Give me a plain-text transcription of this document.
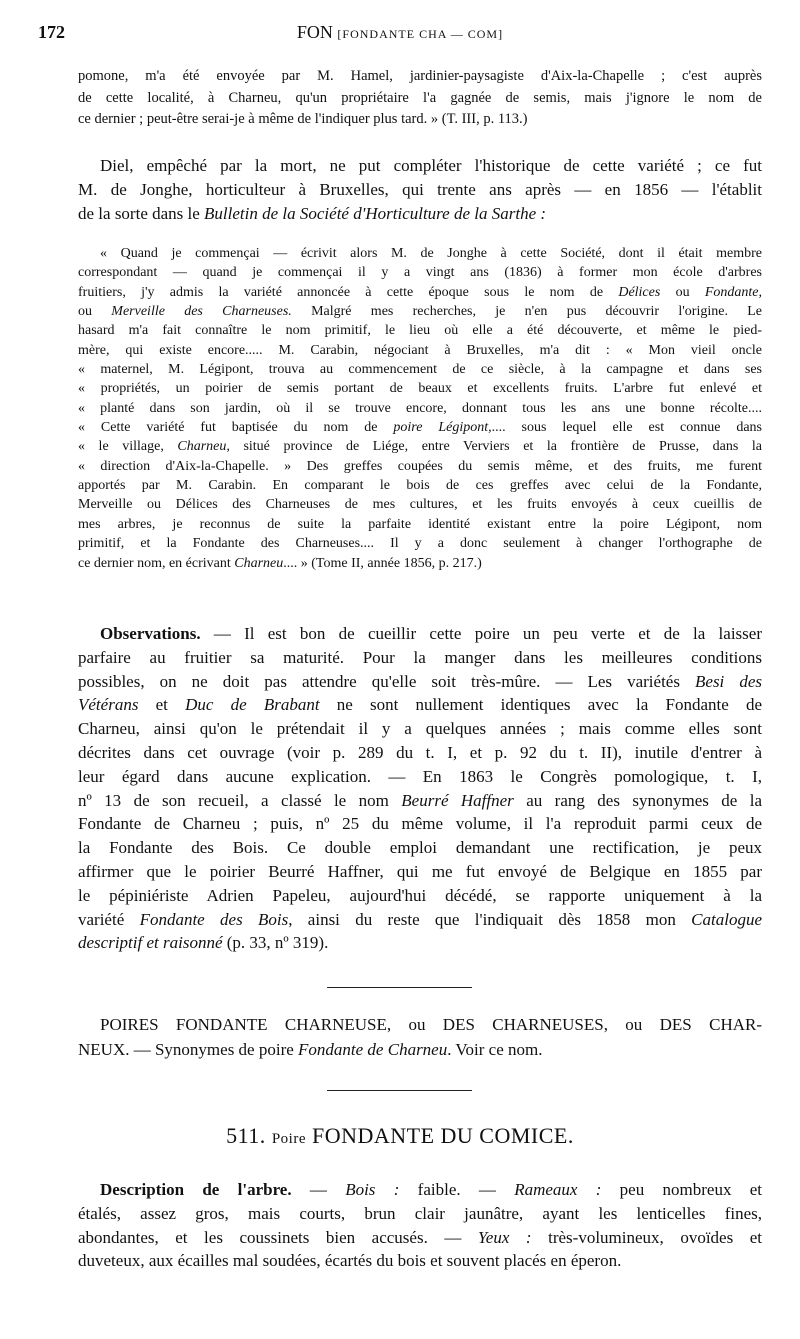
172	FON [FONDANTE CHA — COM]
pomone, m'a été envoyée par M. Hamel, jardinier-paysagiste d'Aix-la-Chapelle ; c'est auprès
de cette localité, à Charneu, qu'un propriétaire l'a gagnée de semis, mais j'ignore le nom de
ce dernier ; peut-être serai-je à même de l'indiquer plus tard. » (T. III, p. 113.)
Diel, empêché par la mort, ne put compléter l'historique de cette variété ; ce fut
M. de Jonghe, horticulteur à Bruxelles, qui trente ans après — en 1856 — l'établit
de la sorte dans le Bulletin de la Société d'Horticulture de la Sarthe :
« Quand je commençai — écrivit alors M. de Jonghe à cette Société, dont il était membre
correspondant — quand je commençai il y a vingt ans (1836) à former mon école d'arbres
fruitiers, j'y admis la variété annoncée à cette époque sous le nom de Délices ou Fondante,
ou Merveille des Charneuses. Malgré mes recherches, je n'en pus découvrir l'origine. Le
hasard m'a fait connaître le nom primitif, le lieu où elle a été découverte, et même le pied-
mère, qui existe encore..... M. Carabin, négociant à Bruxelles, m'a dit : « Mon vieil oncle
« maternel, M. Légipont, trouva au commencement de ce siècle, à la campagne et dans ses
« propriétés, un poirier de semis portant de beaux et excellents fruits. L'arbre fut enlevé et
« planté dans son jardin, où il se trouve encore, donnant tous les ans une bonne récolte....
« Cette variété fut baptisée du nom de poire Légipont,.... sous lequel elle est connue dans
« le village, Charneu, situé province de Liége, entre Verviers et la frontière de Prusse, dans la
« direction d'Aix-la-Chapelle. » Des greffes coupées du semis même, et des fruits, me furent
apportés par M. Carabin. En comparant le bois de ces greffes avec celui de la Fondante,
Merveille ou Délices des Charneuses de mes cultures, et les fruits envoyés à ceux cueillis de
mes arbres, je reconnus de suite la parfaite identité existant entre la poire Légipont, nom
primitif, et la Fondante des Charneuses.... Il y a donc seulement à changer l'orthographe de
ce dernier nom, en écrivant Charneu.... » (Tome II, année 1856, p. 217.)
Observations. — Il est bon de cueillir cette poire un peu verte et de la laisser
parfaire au fruitier sa maturité. Pour la manger dans les meilleures conditions
possibles, on ne doit pas attendre qu'elle soit très-mûre. — Les variétés Besi des
Vétérans et Duc de Brabant ne sont nullement identiques avec la Fondante de
Charneu, ainsi qu'on le prétendait il y a quelques années ; mais comme elles sont
décrites dans cet ouvrage (voir p. 289 du t. I, et p. 92 du t. II), inutile d'entrer à
leur égard dans aucune explication. — En 1863 le Congrès pomologique, t. I,
nº 13 de son recueil, a classé le nom Beurré Haffner au rang des synonymes de la
Fondante de Charneu ; puis, nº 25 du même volume, il l'a reproduit parmi ceux de
la Fondante des Bois. Ce double emploi demandant une rectification, je peux
affirmer que le poirier Beurré Haffner, qui me fut envoyé de Belgique en 1855 par
le pépiniériste Adrien Papeleu, aujourd'hui décédé, se rapporte uniquement à la
variété Fondante des Bois, ainsi du reste que l'indiquait dès 1858 mon Catalogue
descriptif et raisonné (p. 33, nº 319).
POIRES FONDANTE CHARNEUSE, ou DES CHARNEUSES, ou DES CHAR-
NEUX. — Synonymes de poire Fondante de Charneu. Voir ce nom.
511. Poire FONDANTE DU COMICE.
Description de l'arbre. — Bois : faible. — Rameaux : peu nombreux et
étalés, assez gros, mais courts, brun clair jaunâtre, ayant les lenticelles fines,
abondantes, et les coussinets bien accusés. — Yeux : très-volumineux, ovoïdes et
duveteux, aux écailles mal soudées, écartés du bois et souvent placés en éperon.
